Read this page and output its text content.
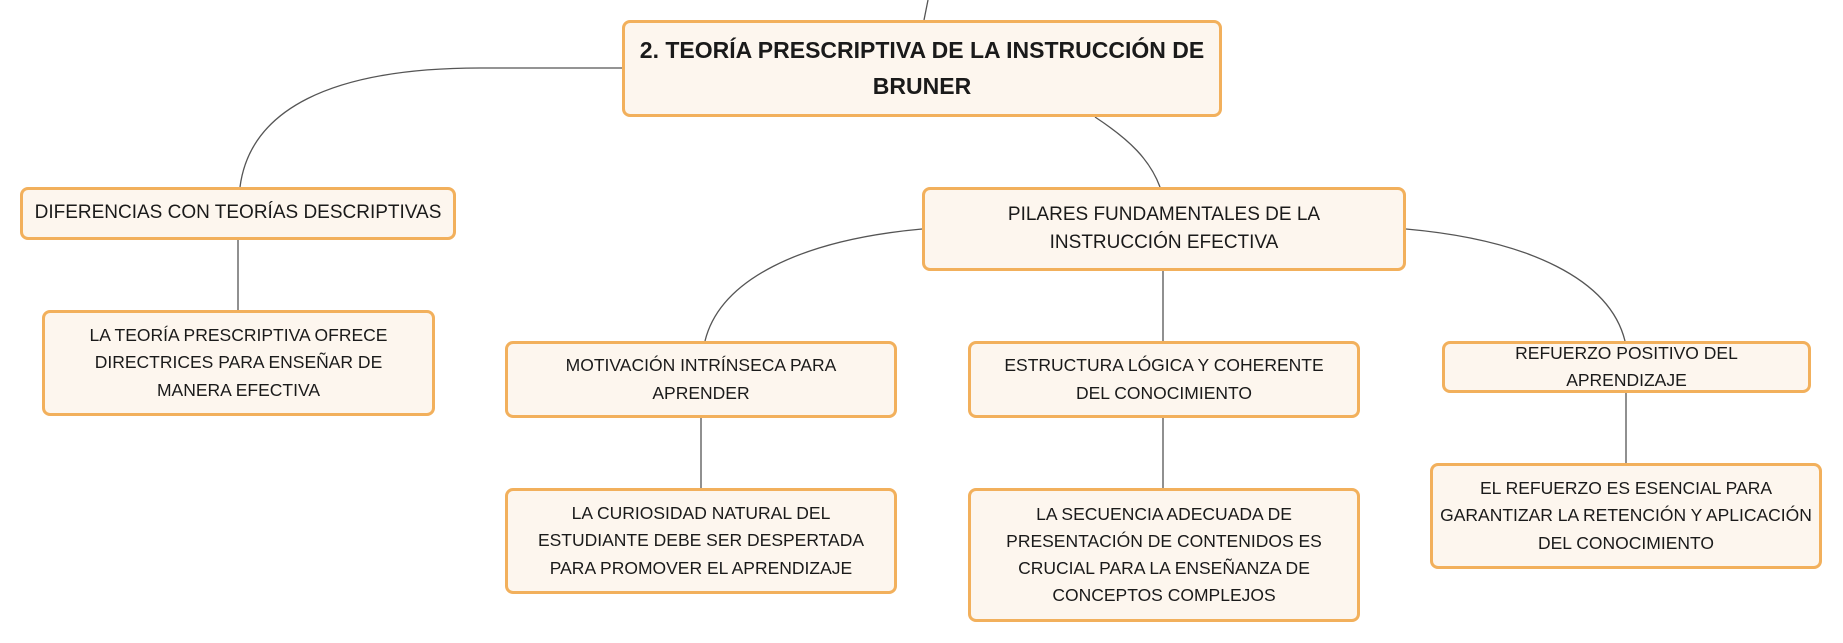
2. TEORÍA PRESCRIPTIVA DE LA INSTRUCCIÓN DE BRUNER
DIFERENCIAS CON TEORÍAS DESCRIPTIVAS
LA TEORÍA PRESCRIPTIVA OFRECE DIRECTRICES PARA ENSEÑAR DE MANERA EFECTIVA
PILARES FUNDAMENTALES DE LA INSTRUCCIÓN EFECTIVA
MOTIVACIÓN INTRÍNSECA PARA APRENDER
ESTRUCTURA LÓGICA Y COHERENTE DEL CONOCIMIENTO
REFUERZO POSITIVO DEL APRENDIZAJE
LA CURIOSIDAD NATURAL DEL ESTUDIANTE DEBE SER DESPERTADA PARA PROMOVER EL APRENDIZAJE
LA SECUENCIA ADECUADA DE PRESENTACIÓN DE CONTENIDOS ES CRUCIAL PARA LA ENSEÑANZA DE CONCEPTOS COMPLEJOS
EL REFUERZO ES ESENCIAL PARA GARANTIZAR LA RETENCIÓN Y APLICACIÓN DEL CONOCIMIENTO
